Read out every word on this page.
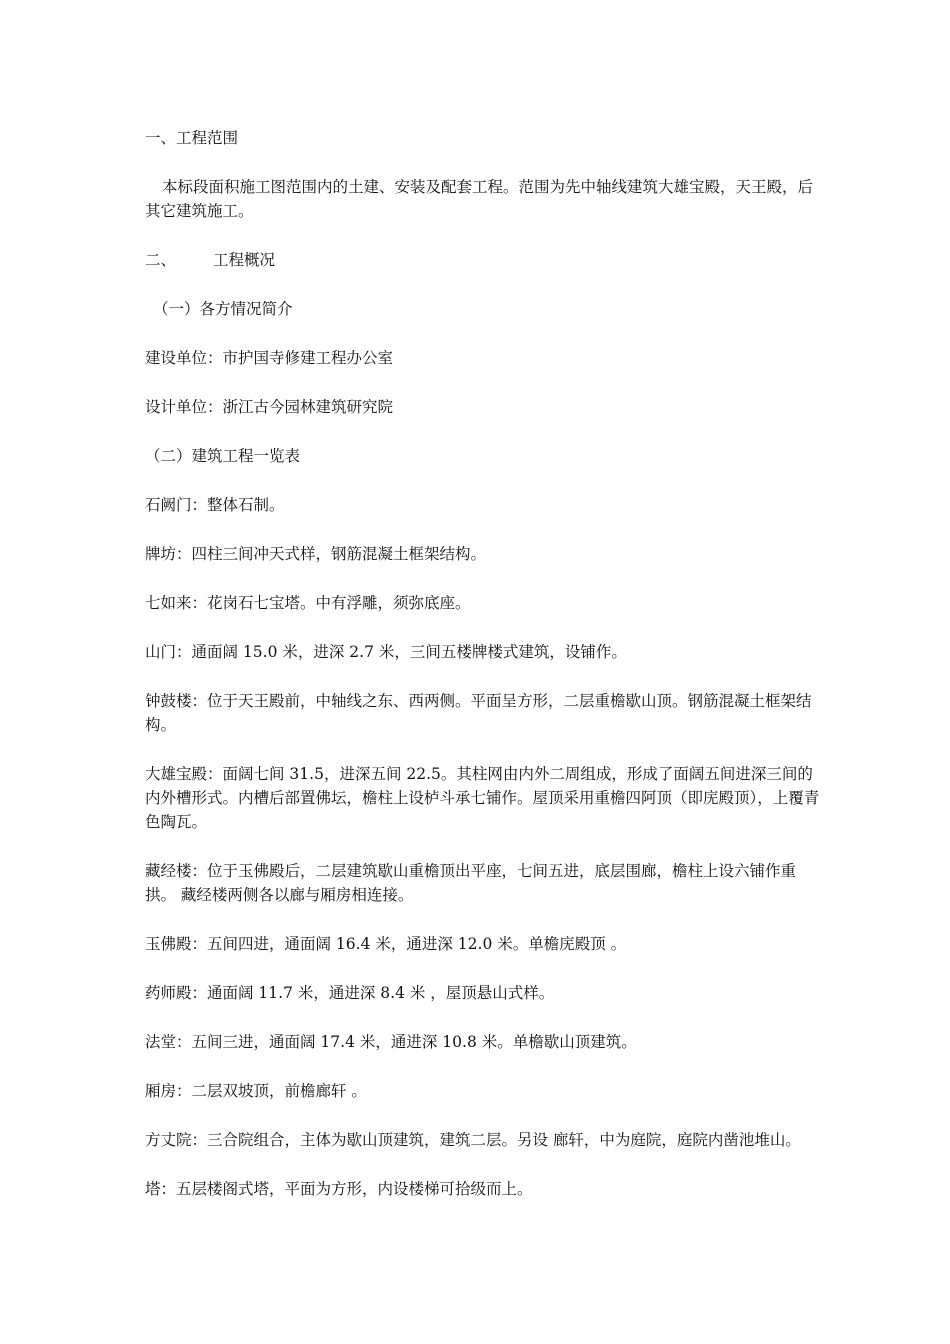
一、工程范围

本标段面积施工图范围内的土建、安装及配套工程。范围为先中轴线建筑大雄宝殿，天王殿，后其它建筑施工。

二、 工程概况

（一）各方情况简介

建设单位：市护国寺修建工程办公室

设计单位：浙江古今园林建筑研究院

（二）建筑工程一览表

石阙门：整体石制。

牌坊：四柱三间冲天式样，钢筋混凝土框架结构。

七如来：花岗石七宝塔。中有浮雕，须弥底座。

山门：通面阔 15.0 米，进深 2.7 米，三间五楼牌楼式建筑，设铺作。

钟鼓楼：位于天王殿前，中轴线之东、西两侧。平面呈方形，二层重檐歇山顶。钢筋混凝土框架结构。

大雄宝殿：面阔七间 31.5，进深五间 22.5。其柱网由内外二周组成，形成了面阔五间进深三间的内外槽形式。内槽后部置佛坛，檐柱上设栌斗承七铺作。屋顶采用重檐四阿顶（即庑殿顶），上覆青色陶瓦。

藏经楼：位于玉佛殿后，二层建筑歇山重檐顶出平座，七间五进，底层围廊，檐柱上设六铺作重拱。 藏经楼两侧各以廊与厢房相连接。

玉佛殿：五间四进，通面阔 16.4 米，通进深 12.0 米。单檐庑殿顶 。

药师殿：通面阔 11.7 米，通进深 8.4 米 ，屋顶悬山式样。

法堂：五间三进，通面阔 17.4 米，通进深 10.8 米。单檐歇山顶建筑。

厢房：二层双坡顶，前檐廊轩 。

方丈院：三合院组合，主体为歇山顶建筑，建筑二层。另设 廊轩，中为庭院，庭院内凿池堆山。

塔：五层楼阁式塔，平面为方形，内设楼梯可拾级而上。
